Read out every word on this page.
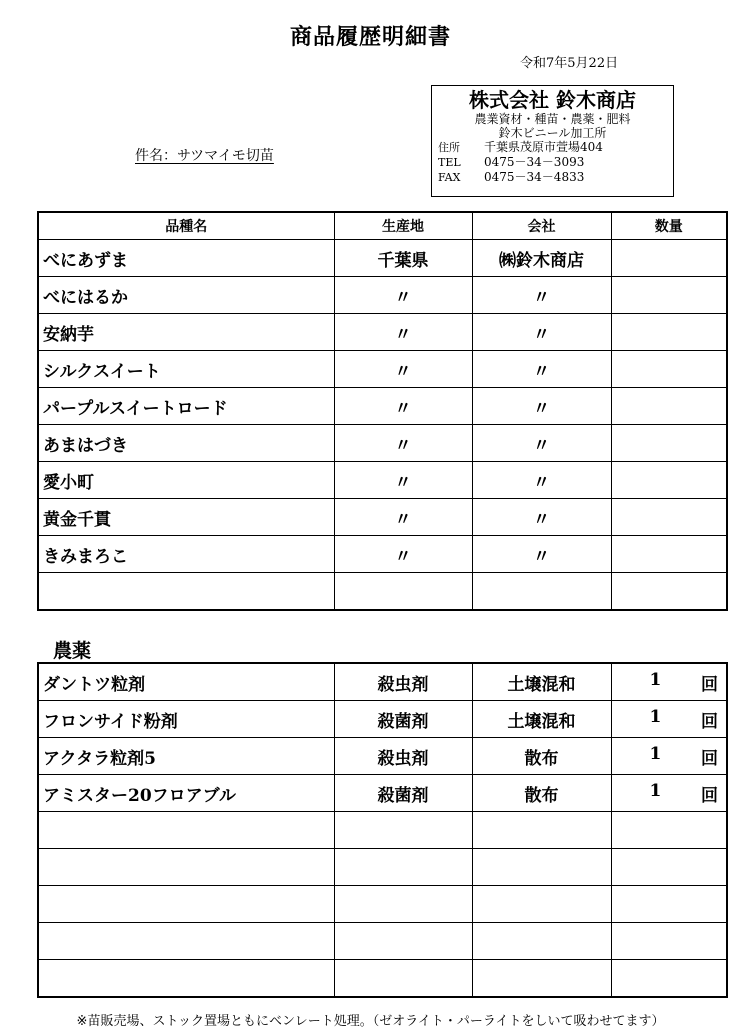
商品履歴明細書
令和7年5月22日
件名：サツマイモ切苗
株式会社 鈴木商店
農業資材・種苗・農薬・肥料
鈴木ビニール加工所
住所 千葉県茂原市萱場404
TEL 0475－34－3093
FAX 0475－34－4833
品種名	生産地	会社	数量
べにあずま	千葉県	㈱鈴木商店	
べにはるか	〃	〃	
安納芋	〃	〃	
シルクスイート	〃	〃	
パープルスイートロード	〃	〃	
あまはづき	〃	〃	
愛小町	〃	〃	
黄金千貫	〃	〃	
きみまろこ	〃	〃	

農薬
ダントツ粒剤	殺虫剤	土壌混和	1 回

フロンサイド粉剤	殺菌剤	土壌混和	1 回

アクタラ粒剤5	殺虫剤	散布	1 回

アミスター20フロアブル	殺菌剤	散布	1 回

※苗販売場、ストック置場ともにベンレート処理。（ゼオライト・パーライトをしいて吸わせてます）
